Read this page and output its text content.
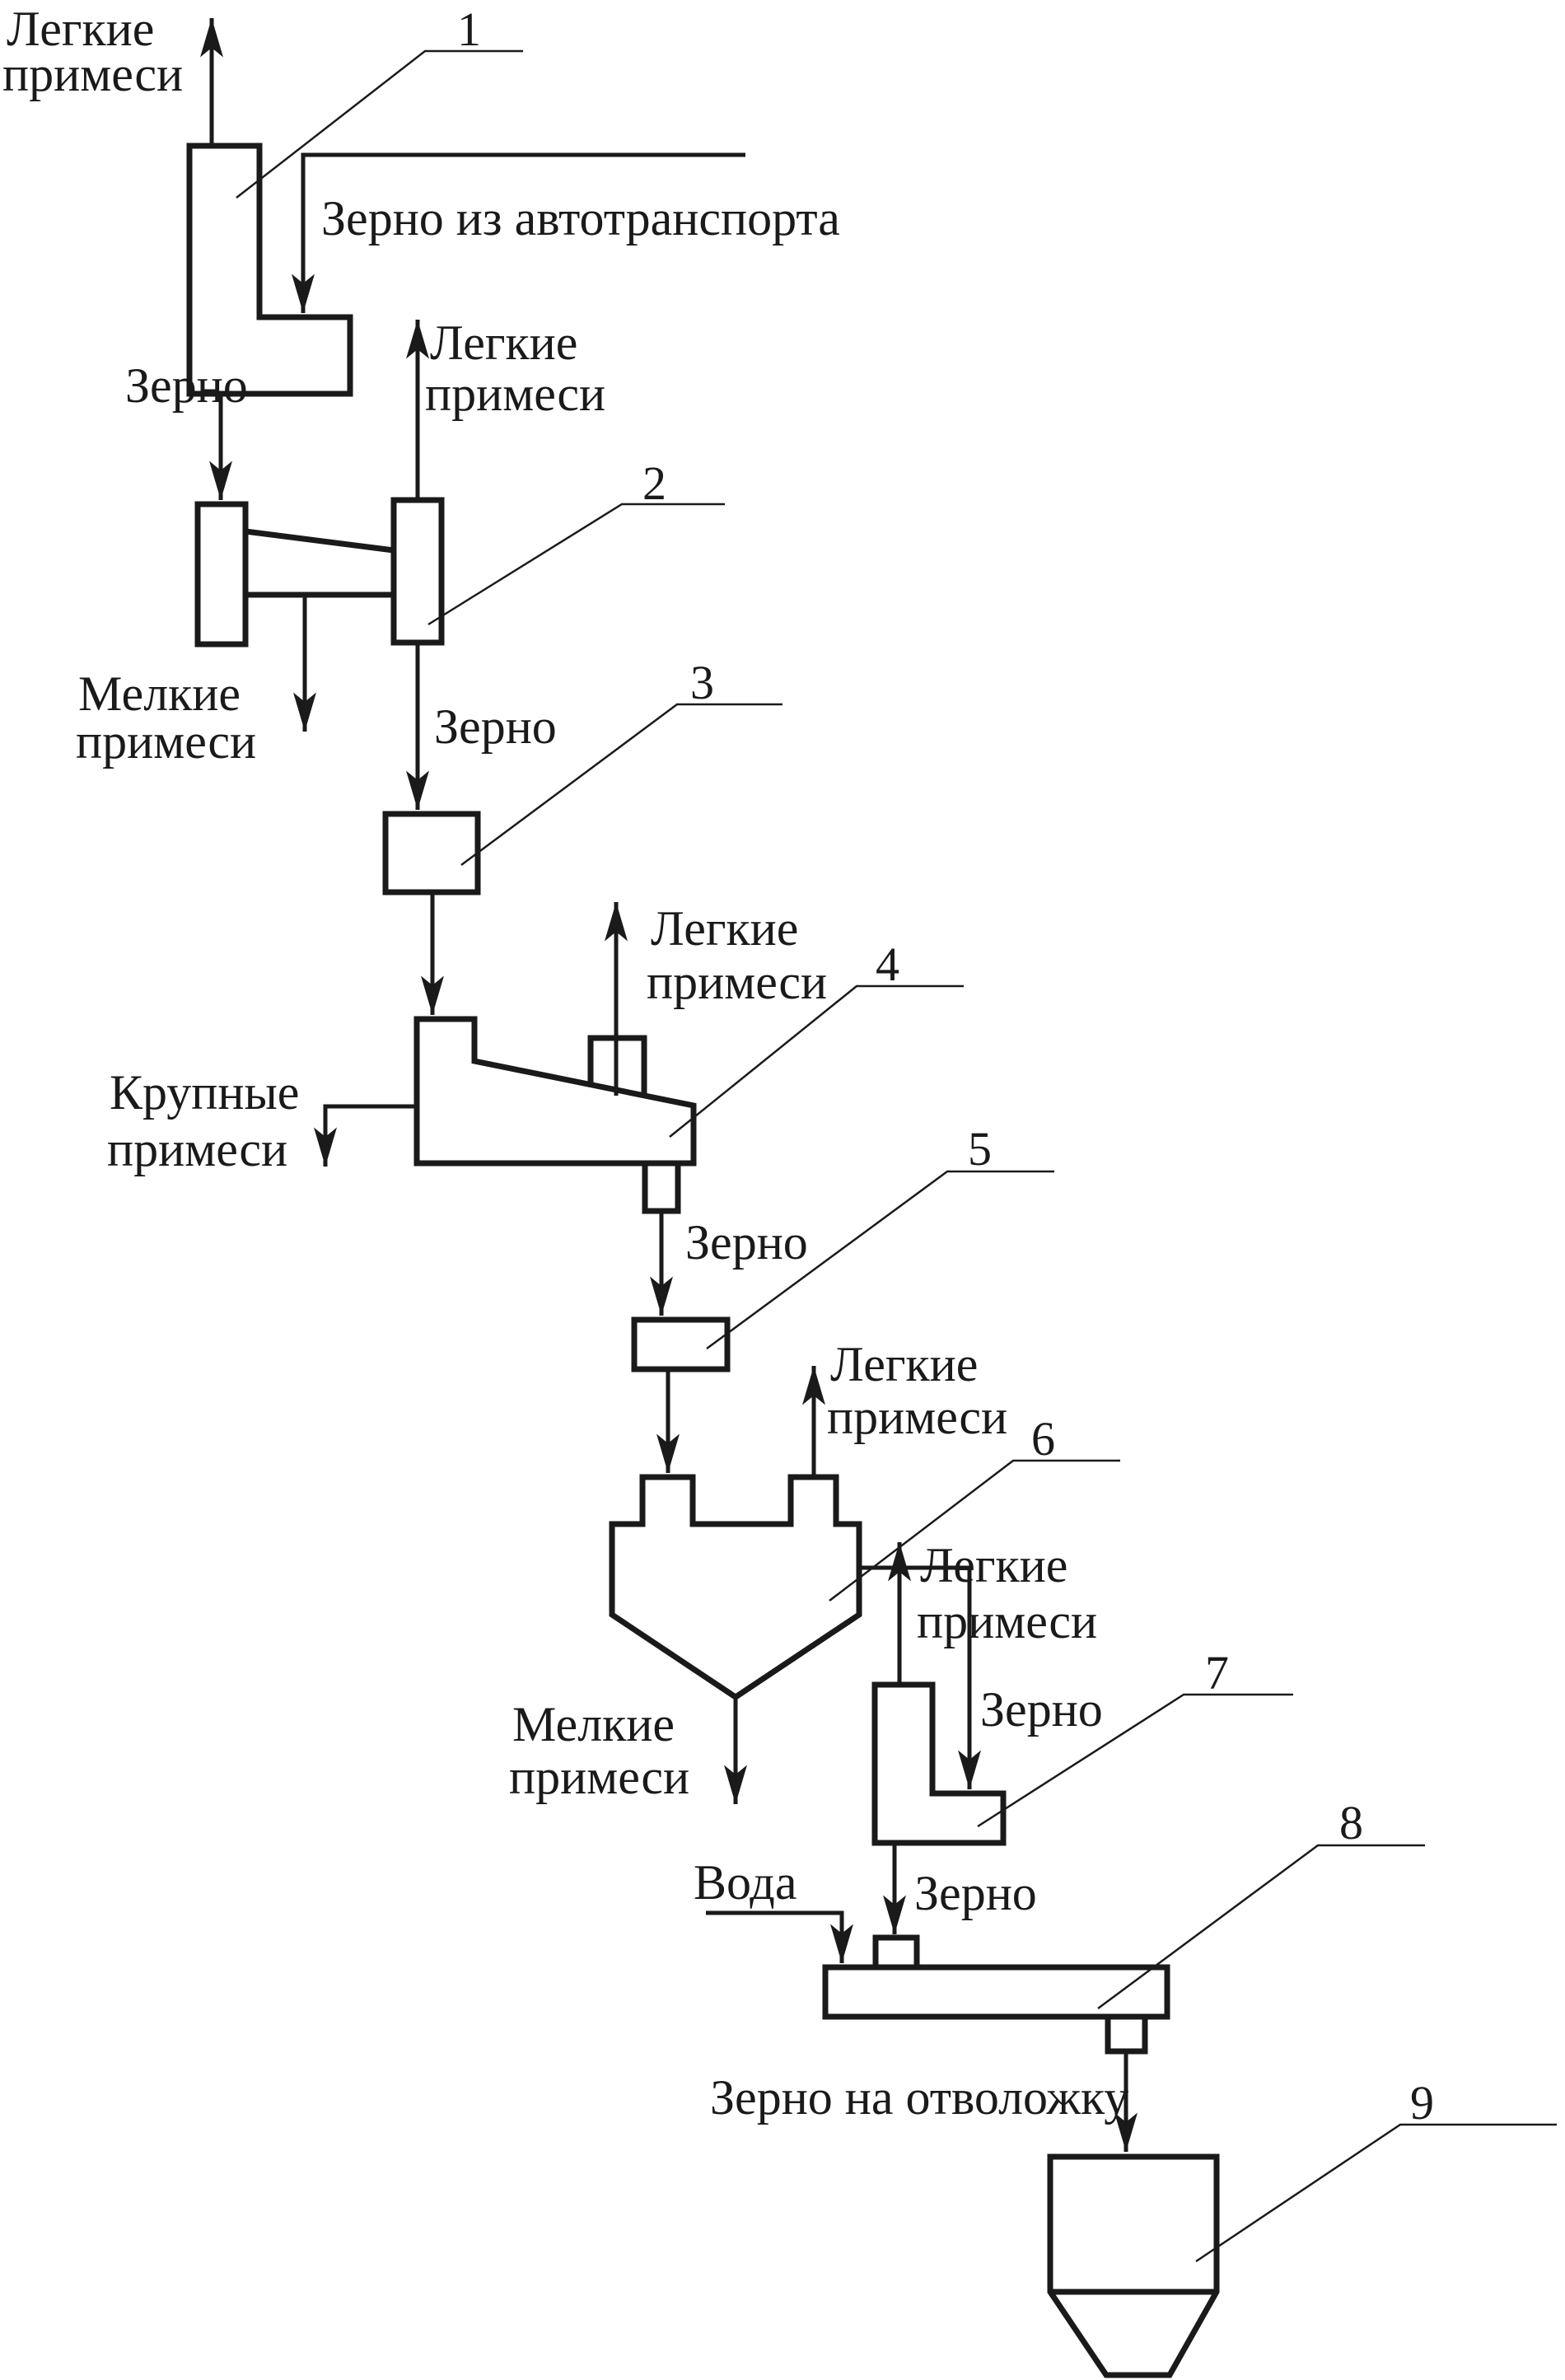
1
2
3
4
5
6
7
8
9
Легкие
примеси
Зерно из автотранспорта
Зерно
Легкие
примеси
Мелкие
примеси	Зерно
Легкие
примеси
Крупные
примеси
Зерно
Легкие
примеси
Мелкие
примеси
Зерно
Легкие
примеси
Зерно
Вода
Зерно на отволожку
